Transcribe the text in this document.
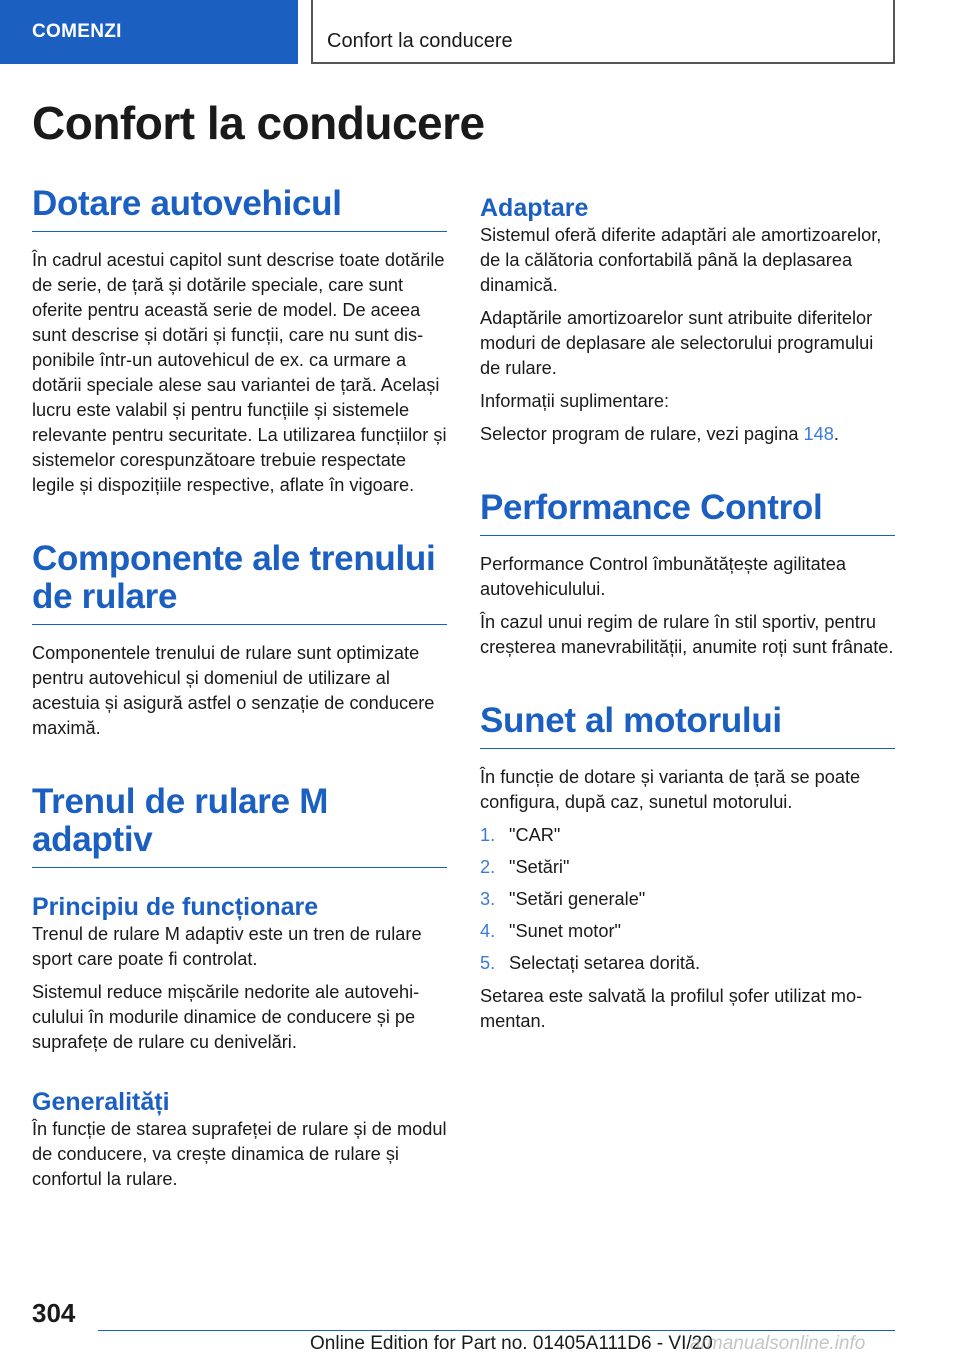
COMENZI	Confort la conducere
Confort la conducere
Dotare autovehicul

În cadrul acestui capitol sunt descrise toate dotările de serie, de țară și dotările speciale, care sunt oferite pentru această serie de model. De aceea sunt descrise și dotări și funcții, care nu sunt disponibile într-un autovehicul de ex. ca urmare a dotării speciale alese sau variantei de țară. Același lucru este valabil și pentru funcțiile și sistemele relevante pentru securitate. La utilizarea funcțiilor și sistemelor corespunzătoare trebuie respectate legile și dispozițiile respective, aflate în vigoare.

Componente ale trenului de rulare

Componentele trenului de rulare sunt optimizate pentru autovehicul și domeniul de utilizare al acestuia și asigură astfel o senzație de conducere maximă.

Trenul de rulare M adaptiv
Principiu de funcționare

Trenul de rulare M adaptiv este un tren de rulare sport care poate fi controlat.

Sistemul reduce mișcările nedorite ale autovehiculului în modurile dinamice de conducere și pe suprafețe de rulare cu denivelări.

Generalități

În funcție de starea suprafeței de rulare și de modul de conducere, va crește dinamica de rulare și confortul la rulare.

Adaptare

Sistemul oferă diferite adaptări ale amortizoarelor, de la călătoria confortabilă până la deplasarea dinamică.

Adaptările amortizoarelor sunt atribuite diferitelor moduri de deplasare ale selectorului programului de rulare.

Informații suplimentare:

Selector program de rulare, vezi pagina 148.

Performance Control

Performance Control îmbunătățește agilitatea autovehiculului.

În cazul unui regim de rulare în stil sportiv, pentru creșterea manevrabilității, anumite roți sunt frânate.

Sunet al motorului

În funcție de dotare și varianta de țară se poate configura, după caz, sunetul motorului.

1. "CAR"
2. "Setări"
3. "Setări generale"
4. "Sunet motor"
5. Selectați setarea dorită.

Setarea este salvată la profilul șofer utilizat momentan.

304
Online Edition for Part no. 01405A111D6 - VI/20
armanualsonline.info
